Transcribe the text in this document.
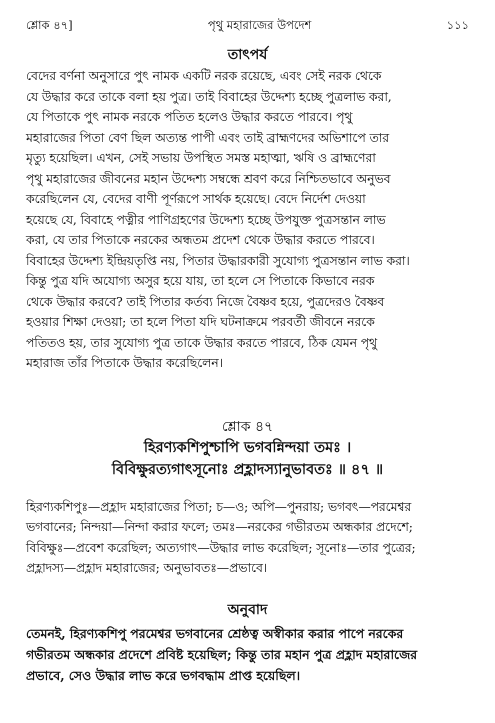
শ্লোক ৪৭]	পৃথু মহারাজের উপদেশ	১১১
তাৎপর্য

বেদের বর্ণনা অনুসারে পুৎ নামক একটি নরক রয়েছে, এবং সেই নরক থেকে

যে উদ্ধার করে তাকে বলা হয় পুত্র। তাই বিবাহের উদ্দেশ্য হচ্ছে পুত্রলাভ করা,

যে পিতাকে পুৎ নামক নরকে পতিত হলেও উদ্ধার করতে পারবে। পৃথু

মহারাজের পিতা বেণ ছিল অত্যন্ত পাপী এবং তাই ব্রাহ্মণদের অভিশাপে তার

মৃত্যু হয়েছিল। এখন, সেই সভায় উপস্থিত সমস্ত মহাত্মা, ঋষি ও ব্রাহ্মণেরা

পৃথু মহারাজের জীবনের মহান উদ্দেশ্য সম্বন্ধে শ্রবণ করে নিশ্চিতভাবে অনুভব

করেছিলেন যে, বেদের বাণী পূর্ণরূপে সার্থক হয়েছে। বেদে নির্দেশ দেওয়া

হয়েছে যে, বিবাহে পত্নীর পাণিগ্রহণের উদ্দেশ্য হচ্ছে উপযুক্ত পুত্রসন্তান লাভ

করা, যে তার পিতাকে নরকের অন্ধতম প্রদেশ থেকে উদ্ধার করতে পারবে।

বিবাহের উদ্দেশ্য ইন্দ্রিয়তৃপ্তি নয়, পিতার উদ্ধারকারী সুযোগ্য পুত্রসন্তান লাভ করা।

কিন্তু পুত্র যদি অযোগ্য অসুর হয়ে যায়, তা হলে সে পিতাকে কিভাবে নরক

থেকে উদ্ধার করবে? তাই পিতার কর্তব্য নিজে বৈষ্ণব হয়ে, পুত্রদেরও বৈষ্ণব

হওয়ার শিক্ষা দেওয়া; তা হলে পিতা যদি ঘটনাক্রমে পরবর্তী জীবনে নরকে

পতিতও হয়, তার সুযোগ্য পুত্র তাকে উদ্ধার করতে পারবে, ঠিক যেমন পৃথু

মহারাজ তাঁর পিতাকে উদ্ধার করেছিলেন।

শ্লোক ৪৭
হিরণ্যকশিপুশ্চাপি ভগবন্নিন্দয়া তমঃ ।
বিবিক্ষুরত্যগাৎসূনোঃ প্রহ্লাদস্যানুভাবতঃ ॥ ৪৭ ॥

হিরণ্যকশিপুঃ—প্রহ্লাদ মহারাজের পিতা; চ—ও; অপি—পুনরায়; ভগবৎ—পরমেশ্বর

ভগবানের; নিন্দয়া—নিন্দা করার ফলে; তমঃ—নরকের গভীরতম অন্ধকার প্রদেশে;

বিবিক্ষুঃ—প্রবেশ করেছিল; অত্যগাৎ—উদ্ধার লাভ করেছিল; সূনোঃ—তার পুত্রের;

প্রহ্লাদস্য—প্রহ্লাদ মহারাজের; অনুভাবতঃ—প্রভাবে।

অনুবাদ

তেমনই, হিরণ্যকশিপু পরমেশ্বর ভগবানের শ্রেষ্ঠত্ব অস্বীকার করার পাপে নরকের

গভীরতম অন্ধকার প্রদেশে প্রবিষ্ট হয়েছিল; কিন্তু তার মহান পুত্র প্রহ্লাদ মহারাজের

প্রভাবে, সেও উদ্ধার লাভ করে ভগবদ্ধাম প্রাপ্ত হয়েছিল।
